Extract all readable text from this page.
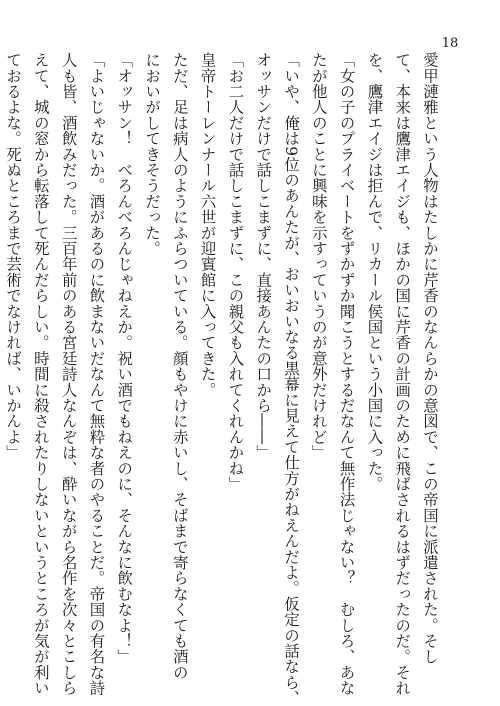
18

愛甲漣雅という人物はたしかに芹香のなんらかの意図で、この帝国に派遣された。そし

て、本来は鷹津エイジも、ほかの国に芹香の計画のために飛ばされるはずだったのだ。それ

を、鷹津エイジは拒んで、リカール侯国という小国に入った。

「女の子のプライベートをずかずか聞こうとするだなんて無作法じゃない？　むしろ、あな

たが他人のことに興味を示すっていうのが意外だけれど」

「いや、俺は9位のあんたが、おいおいなる黒幕に見えて仕方がねえんだよ。仮定の話なら、

オッサンだけで話しこまずに、直接あんたの口から――」

「お二人だけで話しこまずに、この親父も入れてくれんかね」

皇帝トーレンナール六世が迎賓館に入ってきた。

ただ、足は病人のようにふらついている。顔もやけに赤いし、そばまで寄らなくても酒の

においがしてきそうだった。

「オッサン！　べろんべろんじゃねえか。祝い酒でもねえのに、そんなに飲むなよ！」

「よいじゃないか。酒があるのに飲まないだなんて無粋な者のやることだ。帝国の有名な詩

人も皆、酒飲みだった。三百年前のある宮廷詩人なんぞは、酔いながら名作を次々とこしら

えて、城の窓から転落して死んだらしい。時間に殺されたりしないというところが気が利い

ておるよな。死ぬところまで芸術でなければ、いかんよ」
